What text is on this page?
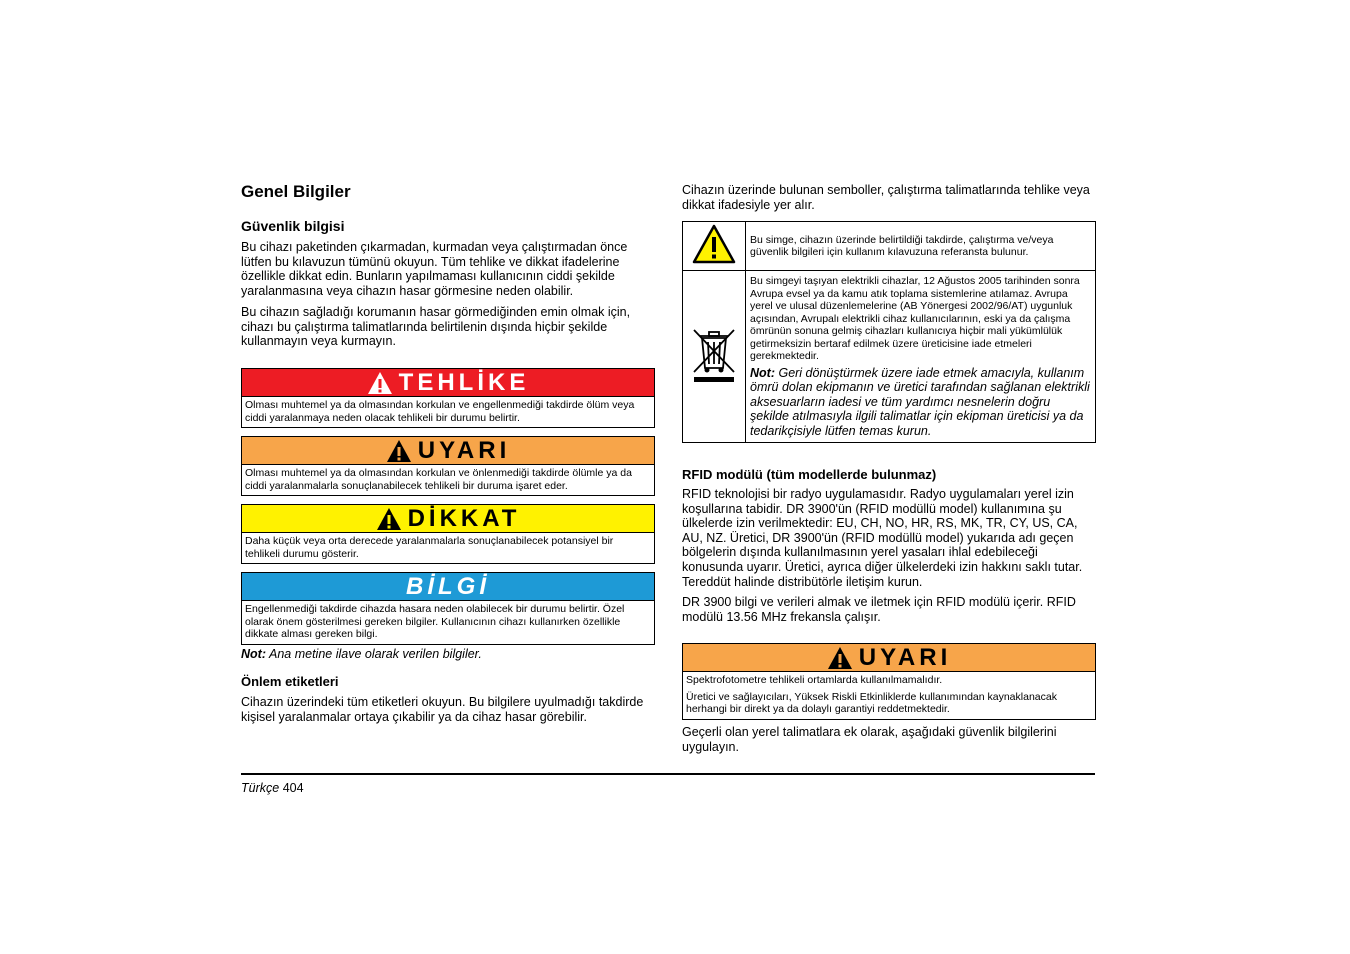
Genel Bilgiler
Güvenlik bilgisi

Bu cihazı paketinden çıkarmadan, kurmadan veya çalıştırmadan önce lütfen bu kılavuzun tümünü okuyun. Tüm tehlike ve dikkat ifadelerine özellikle dikkat edin. Bunların yapılmaması kullanıcının ciddi şekilde yaralanmasına veya cihazın hasar görmesine neden olabilir.

Bu cihazın sağladığı korumanın hasar görmediğinden emin olmak için, cihazı bu çalıştırma talimatlarında belirtilenin dışında hiçbir şekilde kullanmayın veya kurmayın.

TEHLİKE
Olması muhtemel ya da olmasından korkulan ve engellenmediği takdirde ölüm veya ciddi yaralanmaya neden olacak tehlikeli bir durumu belirtir.
UYARI
Olması muhtemel ya da olmasından korkulan ve önlenmediği takdirde ölümle ya da ciddi yaralanmalarla sonuçlanabilecek tehlikeli bir duruma işaret eder.
DİKKAT
Daha küçük veya orta derecede yaralanmalarla sonuçlanabilecek potansiyel bir tehlikeli durumu gösterir.
BİLGİ
Engellenmediği takdirde cihazda hasara neden olabilecek bir durumu belirtir. Özel olarak önem gösterilmesi gereken bilgiler. Kullanıcının cihazı kullanırken özellikle dikkate alması gereken bilgi.

Not: Ana metine ilave olarak verilen bilgiler.

Önlem etiketleri

Cihazın üzerindeki tüm etiketleri okuyun. Bu bilgilere uyulmadığı takdirde kişisel yaralanmalar ortaya çıkabilir ya da cihaz hasar görebilir.

Cihazın üzerinde bulunan semboller, çalıştırma talimatlarında tehlike veya dikkat ifadesiyle yer alır.

	Bu simge, cihazın üzerinde belirtildiği takdirde, çalıştırma ve/veya güvenlik bilgileri için kullanım kılavuzuna referansta bulunur.

Bu simgeyi taşıyan elektrikli cihazlar, 12 Ağustos 2005 tarihinden sonra Avrupa evsel ya da kamu atık toplama sistemlerine atılamaz. Avrupa yerel ve ulusal düzenlemelerine (AB Yönergesi 2002/96/AT) uygunluk açısından, Avrupalı elektrikli cihaz kullanıcılarının, eski ya da çalışma ömrünün sonuna gelmiş cihazları kullanıcıya hiçbir mali yükümlülük getirmeksizin bertaraf edilmek üzere üreticisine iade etmeleri gerekmektedir.
Not: Geri dönüştürmek üzere iade etmek amacıyla, kullanım ömrü dolan ekipmanın ve üretici tarafından sağlanan elektrikli aksesuarların iadesi ve tüm yardımcı nesnelerin doğru şekilde atılmasıyla ilgili talimatlar için ekipman üreticisi ya da tedarikçisiyle lütfen temas kurun.
RFID modülü (tüm modellerde bulunmaz)

RFID teknolojisi bir radyo uygulamasıdır. Radyo uygulamaları yerel izin koşullarına tabidir. DR 3900'ün (RFID modüllü model) kullanımına şu ülkelerde izin verilmektedir: EU, CH, NO, HR, RS, MK, TR, CY, US, CA, AU, NZ. Üretici, DR 3900'ün (RFID modüllü model) yukarıda adı geçen bölgelerin dışında kullanılmasının yerel yasaları ihlal edebileceği konusunda uyarır. Üretici, ayrıca diğer ülkelerdeki izin hakkını saklı tutar. Tereddüt halinde distribütörle iletişim kurun.

DR 3900 bilgi ve verileri almak ve iletmek için RFID modülü içerir. RFID modülü 13.56 MHz frekansla çalışır.

UYARI

Spektrofotometre tehlikeli ortamlarda kullanılmamalıdır.

Üretici ve sağlayıcıları, Yüksek Riskli Etkinliklerde kullanımından kaynaklanacak herhangi bir direkt ya da dolaylı garantiyi reddetmektedir.

Geçerli olan yerel talimatlara ek olarak, aşağıdaki güvenlik bilgilerini uygulayın.

Türkçe 404
